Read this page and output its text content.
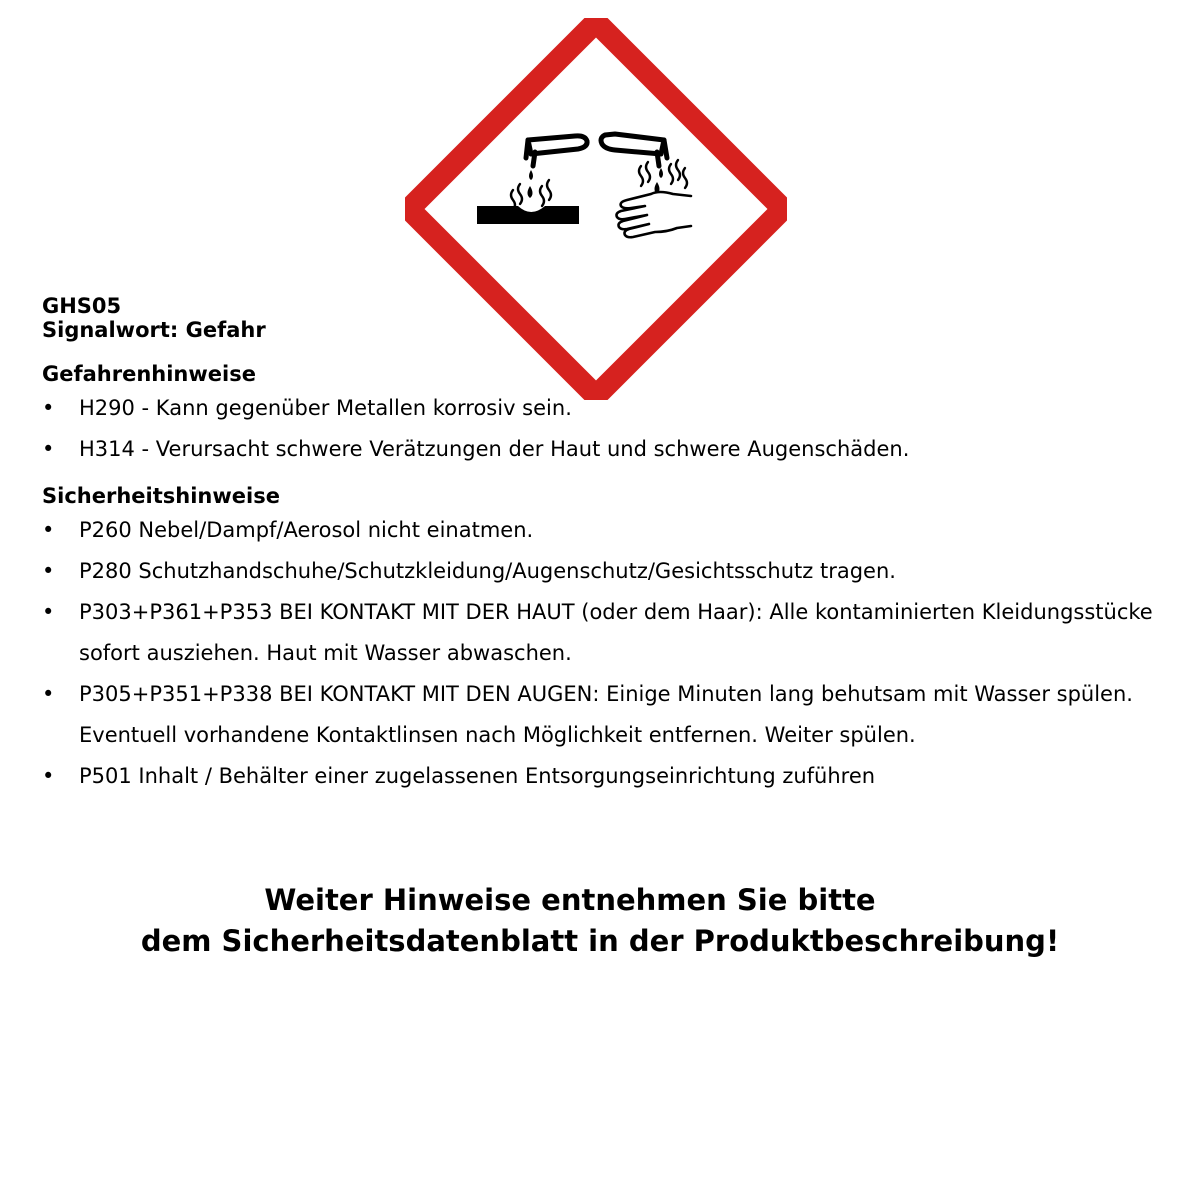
GHS05
Signalwort: Gefahr
Gefahrenhinweise
• H290 - Kann gegenüber Metallen korrosiv sein.
• H314 - Verursacht schwere Verätzungen der Haut und schwere Augenschäden.
Sicherheitshinweise
• P260 Nebel/Dampf/Aerosol nicht einatmen.
• P280 Schutzhandschuhe/Schutzkleidung/Augenschutz/Gesichtsschutz tragen.
• P303+P361+P353 BEI KONTAKT MIT DER HAUT (oder dem Haar): Alle kontaminierten Kleidungsstücke sofort ausziehen. Haut mit Wasser abwaschen.
• P305+P351+P338 BEI KONTAKT MIT DEN AUGEN: Einige Minuten lang behutsam mit Wasser spülen. Eventuell vorhandene Kontaktlinsen nach Möglichkeit entfernen. Weiter spülen.
• P501 Inhalt / Behälter einer zugelassenen Entsorgungseinrichtung zuführen
Weiter Hinweise entnehmen Sie bitte
dem Sicherheitsdatenblatt in der Produktbeschreibung!
